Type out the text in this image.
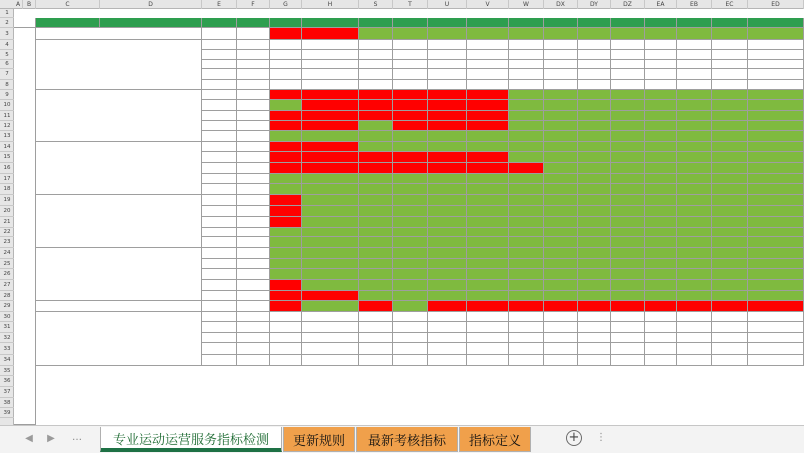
A	B	C	D	E	F	G	H	S	T	U	V	W	DX	DY	DZ	EA	EB	EC	ED
1
2
3
4
5
6
7
8
9
10
11
12
13
14
15
16
17
18
19
20
21
22
23
24
25
26
27
28
29
30
31
32
33
34
35
36
37
38
39
◀	▶	…	专业运动运营服务指标检测	更新规则	最新考核指标	指标定义	+ ⋮
